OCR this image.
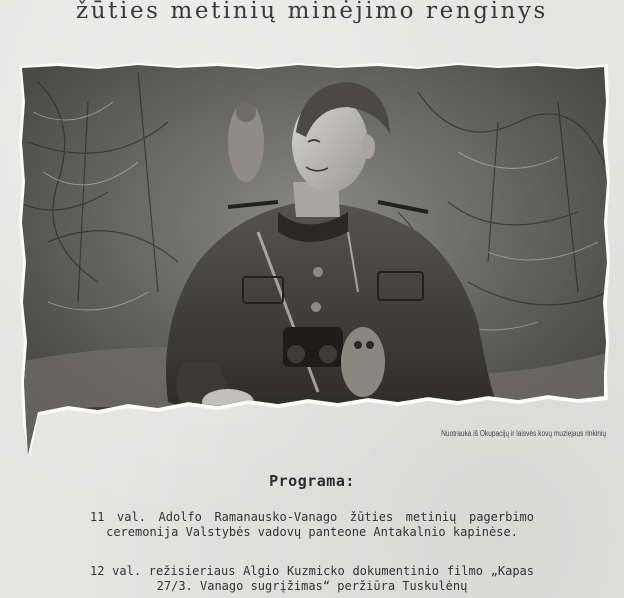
žūties metinių minėjimo renginys
Nuotrauka iš Okupacijų ir laisvės kovų muziejaus rinkinių
Programa:
11 val. Adolfo Ramanausko-Vanago žūties metinių pagerbimo ceremonija Valstybės vadovų panteone Antakalnio kapinėse.
12 val. režisieriaus Algio Kuzmicko dokumentinio filmo „Kapas 27/3. Vanago sugrįžimas“ peržiūra Tuskulėnų
